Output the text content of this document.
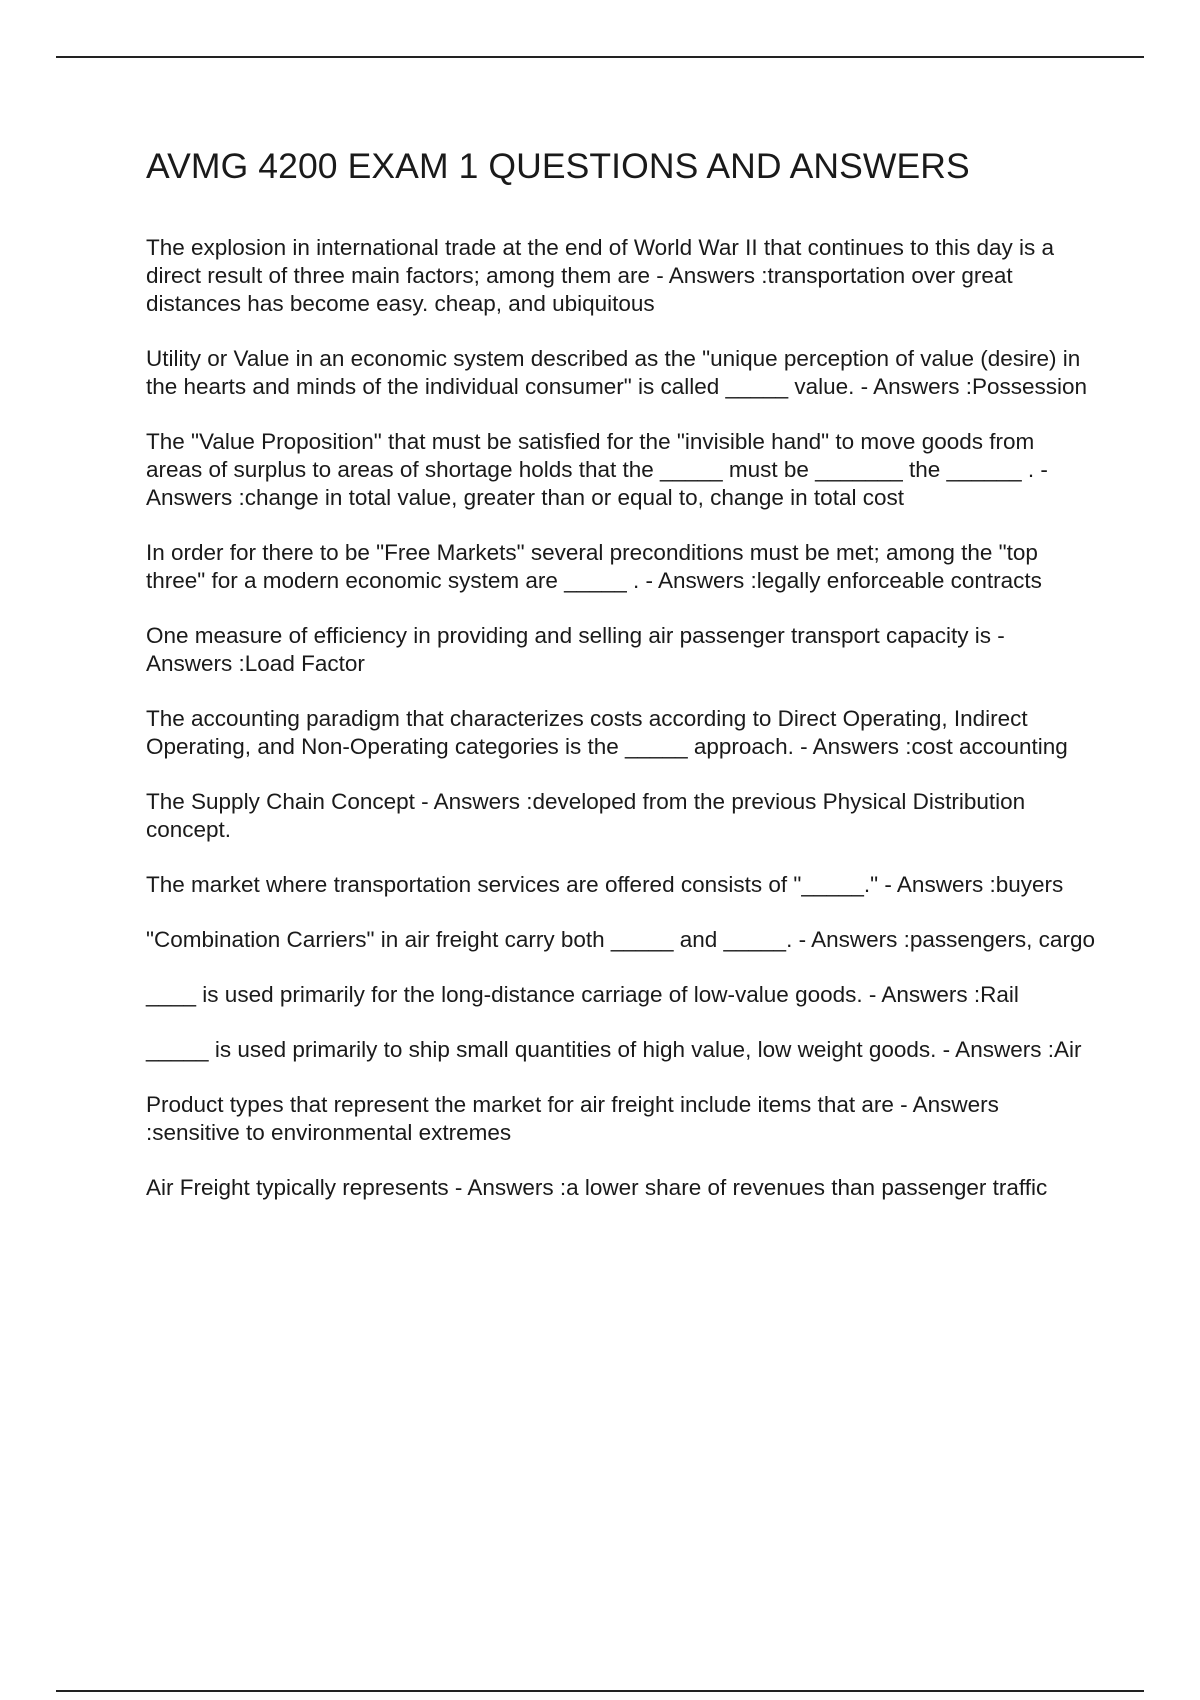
AVMG 4200 EXAM 1 QUESTIONS AND ANSWERS

The explosion in international trade at the end of World War II that continues to this day is a direct result of three main factors; among them are - Answers :transportation over great distances has become easy. cheap, and ubiquitous

Utility or Value in an economic system described as the "unique perception of value (desire) in the hearts and minds of the individual consumer" is called _____ value. - Answers :Possession

The "Value Proposition" that must be satisfied for the "invisible hand" to move goods from areas of surplus to areas of shortage holds that the _____ must be _______ the ______ . - Answers :change in total value, greater than or equal to, change in total cost

In order for there to be "Free Markets" several preconditions must be met; among the "top three" for a modern economic system are _____ . - Answers :legally enforceable contracts

One measure of efficiency in providing and selling air passenger transport capacity is - Answers :Load Factor

The accounting paradigm that characterizes costs according to Direct Operating, Indirect Operating, and Non-Operating categories is the _____ approach. - Answers :cost accounting

The Supply Chain Concept - Answers :developed from the previous Physical Distribution concept.

The market where transportation services are offered consists of "_____." - Answers :buyers

"Combination Carriers" in air freight carry both _____ and _____. - Answers :passengers, cargo

____ is used primarily for the long-distance carriage of low-value goods. - Answers :Rail

_____ is used primarily to ship small quantities of high value, low weight goods. - Answers :Air

Product types that represent the market for air freight include items that are - Answers :sensitive to environmental extremes

Air Freight typically represents - Answers :a lower share of revenues than passenger traffic
